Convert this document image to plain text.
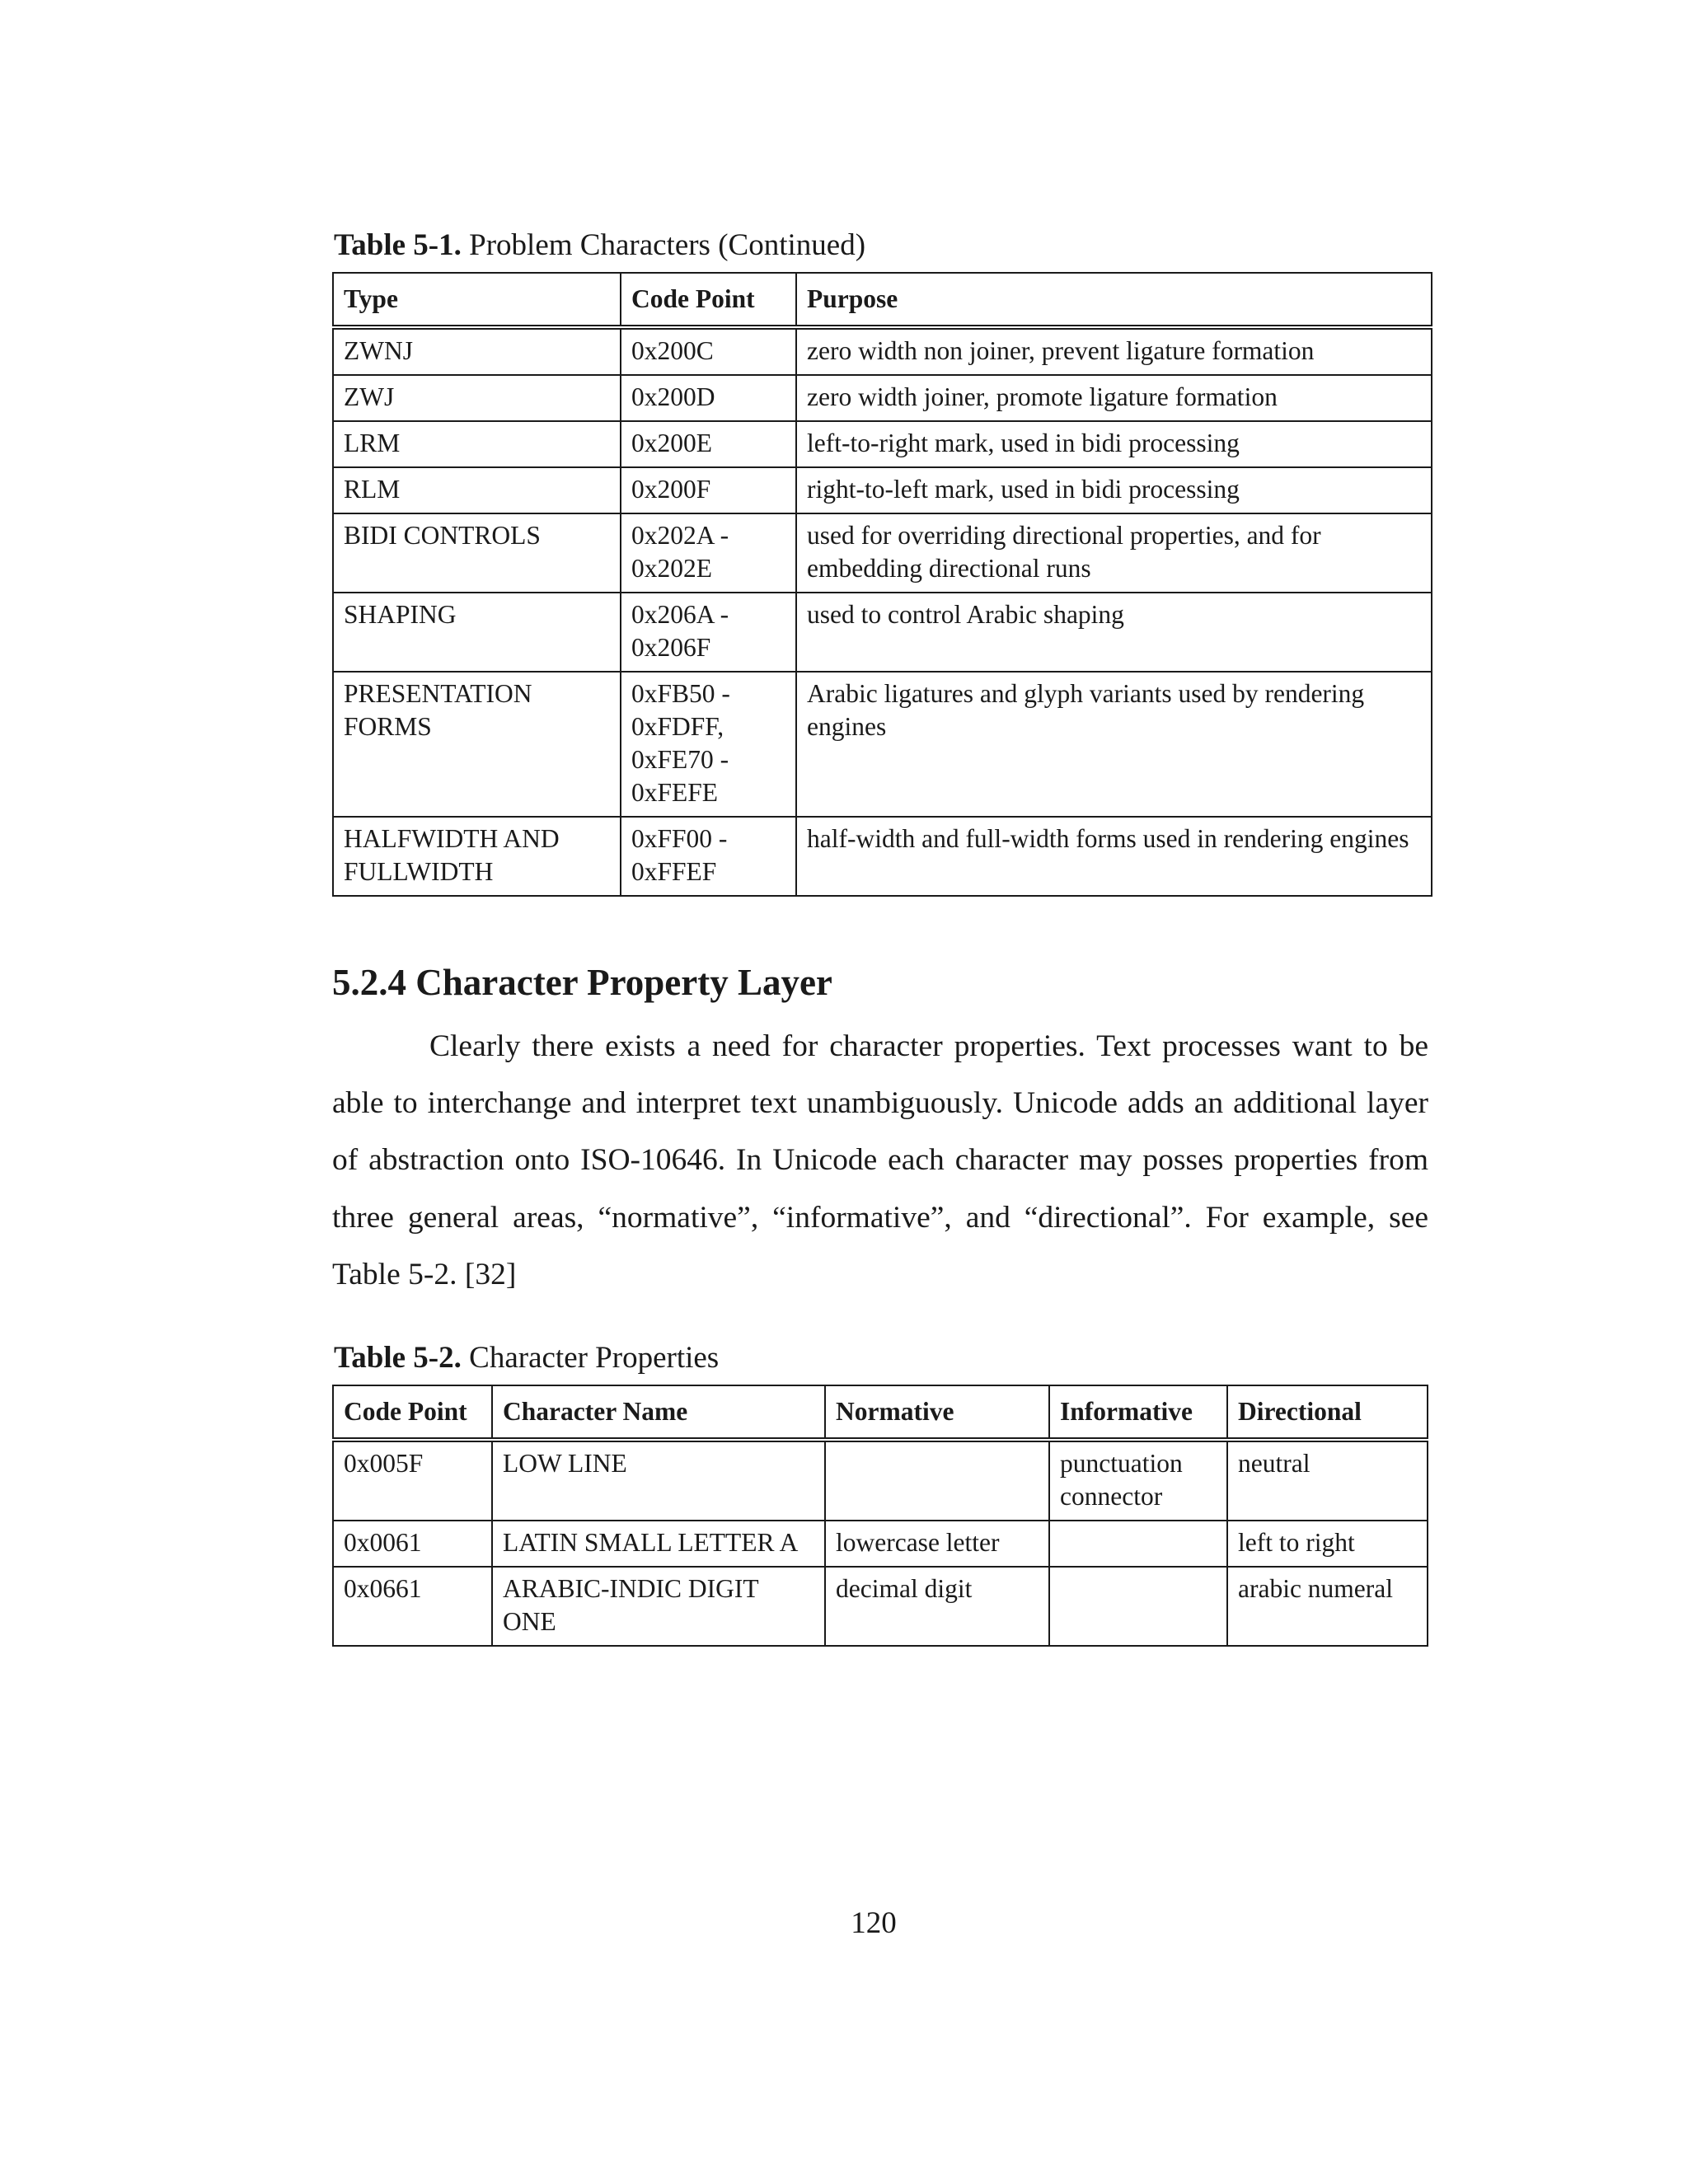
Table 5-1. Problem Characters (Continued)
Type	Code Point	Purpose
ZWNJ	0x200C	zero width non joiner, prevent ligature formation
ZWJ	0x200D	zero width joiner, promote ligature formation
LRM	0x200E	left-to-right mark, used in bidi processing
RLM	0x200F	right-to-left mark, used in bidi processing
BIDI CONTROLS	0x202A - 0x202E	used for overriding directional properties, and for embedding directional runs
SHAPING	0x206A - 0x206F	used to control Arabic shaping
PRESENTATION FORMS	0xFB50 - 0xFDFF, 0xFE70 - 0xFEFE	Arabic ligatures and glyph variants used by rendering engines
HALFWIDTH AND FULLWIDTH	0xFF00 - 0xFFEF	half-width and full-width forms used in rendering engines
5.2.4 Character Property Layer

Clearly there exists a need for character properties. Text processes want to be able to interchange and interpret text unambiguously. Unicode adds an additional layer of abstraction onto ISO-10646. In Unicode each character may posses properties from three general areas, “normative”, “informative”, and “directional”. For example, see Table 5-2. [32]

Table 5-2. Character Properties
Code Point	Character Name	Normative	Informative	Directional
0x005F	LOW LINE		punctuation connector	neutral
0x0061	LATIN SMALL LETTER A	lowercase letter		left to right
0x0661	ARABIC-INDIC DIGIT ONE	decimal digit		arabic numeral
120
